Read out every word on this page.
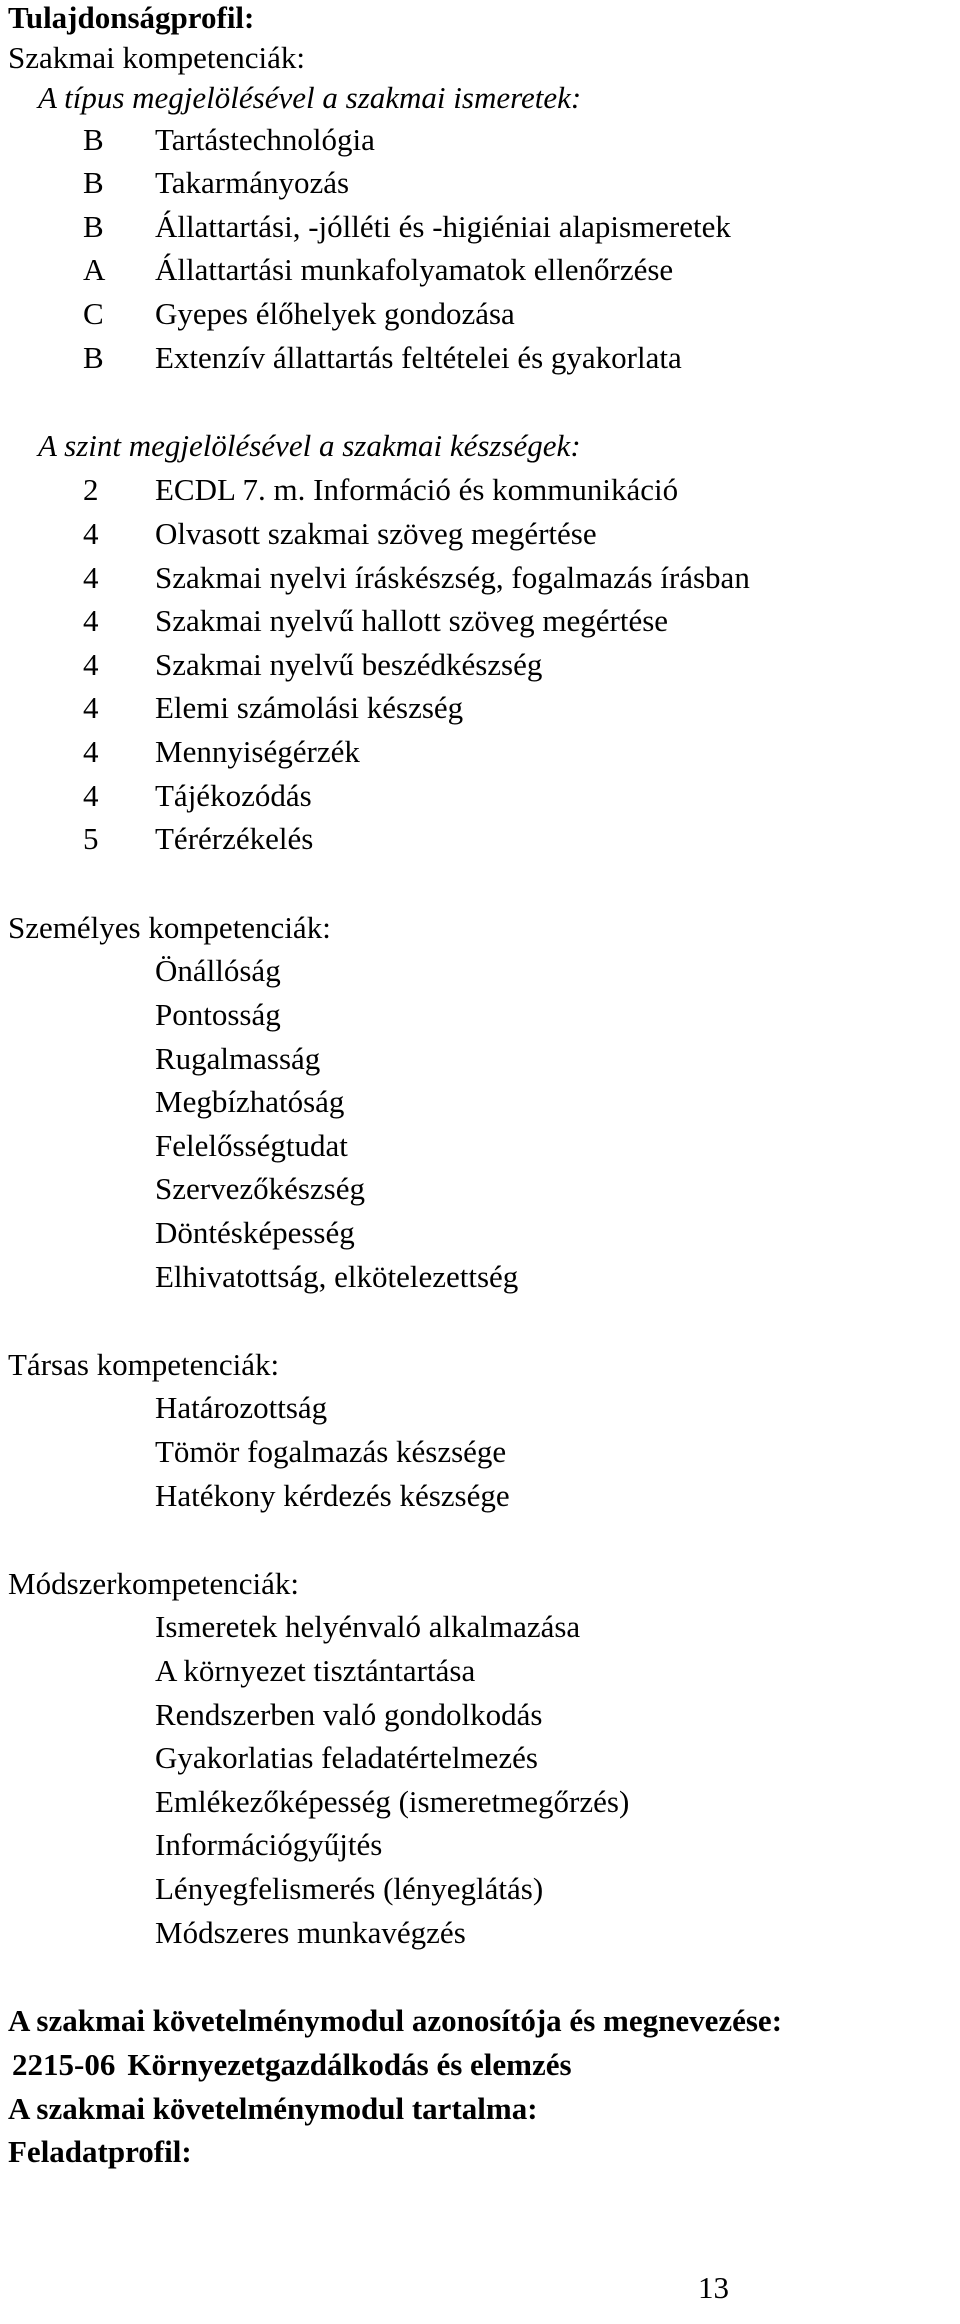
Tulajdonságprofil:
Szakmai kompetenciák:
A típus megjelölésével a szakmai ismeretek:
B Tartástechnológia
B Takarmányozás
B Állattartási, -jólléti és -higiéniai alapismeretek
A Állattartási munkafolyamatok ellenőrzése
C Gyepes élőhelyek gondozása
B Extenzív állattartás feltételei és gyakorlata
A szint megjelölésével a szakmai készségek:
2 ECDL 7. m. Információ és kommunikáció
4 Olvasott szakmai szöveg megértése
4 Szakmai nyelvi íráskészség, fogalmazás írásban
4 Szakmai nyelvű hallott szöveg megértése
4 Szakmai nyelvű beszédkészség
4 Elemi számolási készség
4 Mennyiségérzék
4 Tájékozódás
5 Térérzékelés
Személyes kompetenciák:
Önállóság
Pontosság
Rugalmasság
Megbízhatóság
Felelősségtudat
Szervezőkészség
Döntésképesség
Elhivatottság, elkötelezettség
Társas kompetenciák:
Határozottság
Tömör fogalmazás készsége
Hatékony kérdezés készsége
Módszerkompetenciák:
Ismeretek helyénvaló alkalmazása
A környezet tisztántartása
Rendszerben való gondolkodás
Gyakorlatias feladatértelmezés
Emlékezőképesség (ismeretmegőrzés)
Információgyűjtés
Lényegfelismerés (lényeglátás)
Módszeres munkavégzés
A szakmai követelménymodul azonosítója és megnevezése:
2215-06 Környezetgazdálkodás és elemzés
A szakmai követelménymodul tartalma:
Feladatprofil:
13
